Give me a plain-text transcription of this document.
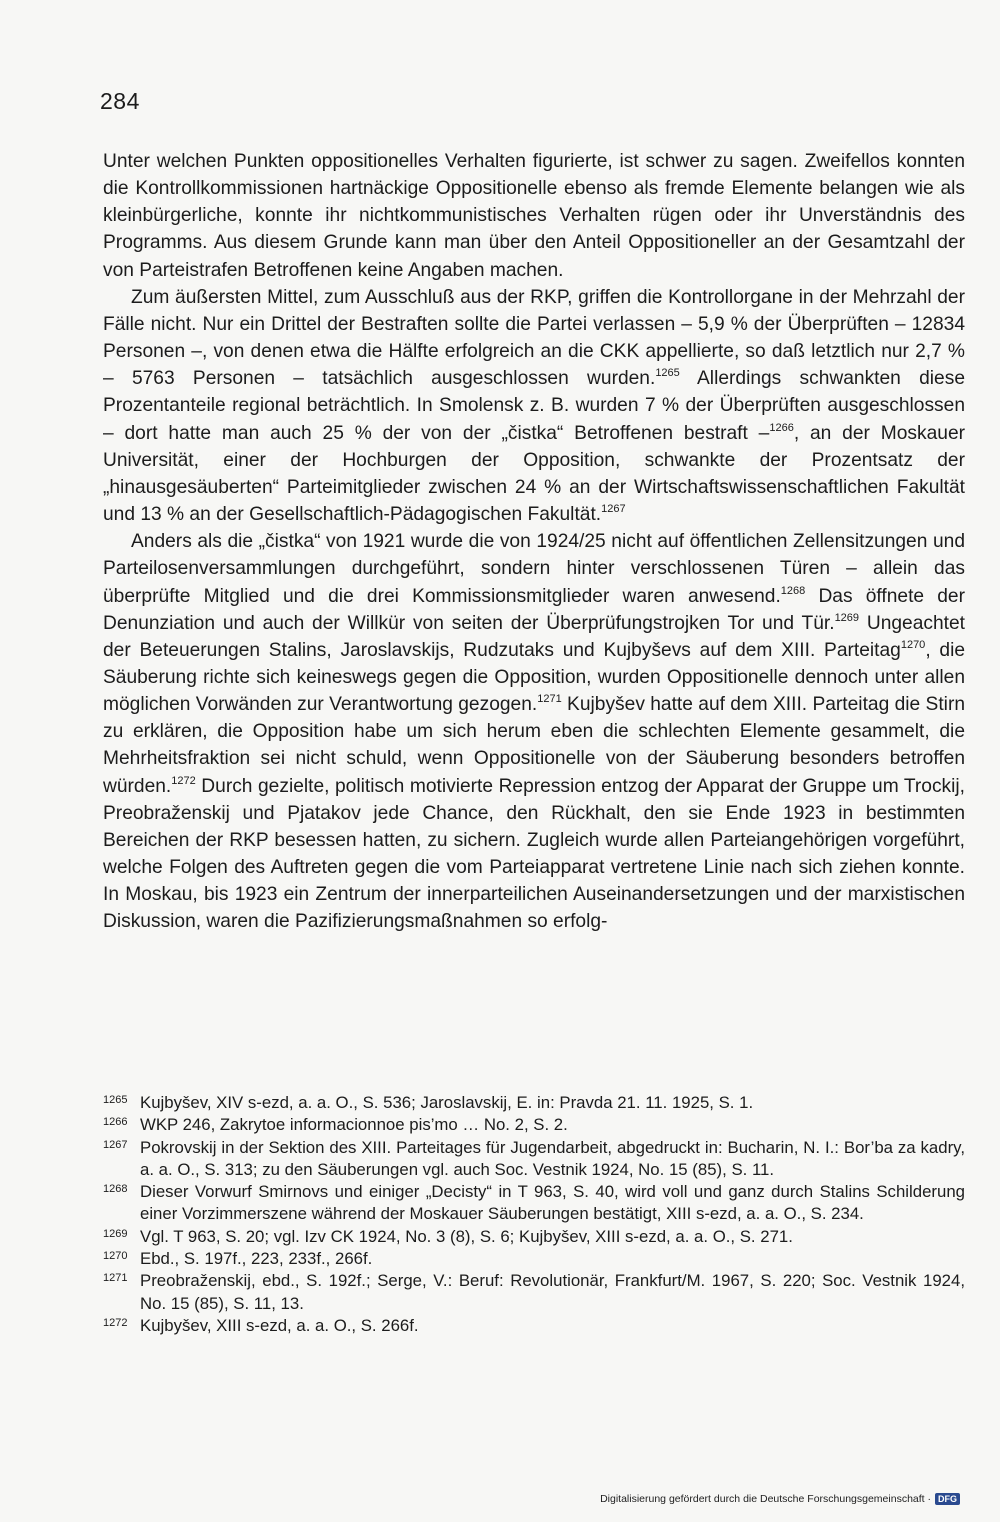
284

Unter welchen Punkten oppositionelles Verhalten figurierte, ist schwer zu sagen. Zweifellos konnten die Kontrollkommissionen hartnäckige Oppositionelle ebenso als fremde Elemente belangen wie als kleinbürgerliche, konnte ihr nichtkommunistisches Verhalten rügen oder ihr Unverständnis des Programms. Aus diesem Grunde kann man über den Anteil Oppositioneller an der Gesamtzahl der von Parteistrafen Betroffenen keine Angaben machen.

Zum äußersten Mittel, zum Ausschluß aus der RKP, griffen die Kontrollorgane in der Mehrzahl der Fälle nicht. Nur ein Drittel der Bestraften sollte die Partei verlassen – 5,9 % der Überprüften – 12834 Personen –, von denen etwa die Hälfte erfolgreich an die CKK appellierte, so daß letztlich nur 2,7 % – 5763 Personen – tatsächlich ausgeschlossen wurden.$^{1265}$ Allerdings schwankten diese Prozentanteile regional beträchtlich. In Smolensk z. B. wurden 7 % der Überprüften ausgeschlossen – dort hatte man auch 25 % der von der „čistka“ Betroffenen bestraft –$^{1266}$, an der Moskauer Universität, einer der Hochburgen der Opposition, schwankte der Prozentsatz der „hinausgesäuberten“ Parteimitglieder zwischen 24 % an der Wirtschaftswissenschaftlichen Fakultät und 13 % an der Gesellschaftlich-Pädagogischen Fakultät.$^{1267}$

Anders als die „čistka“ von 1921 wurde die von 1924/25 nicht auf öffentlichen Zellensitzungen und Parteilosenversammlungen durchgeführt, sondern hinter verschlossenen Türen – allein das überprüfte Mitglied und die drei Kommissionsmitglieder waren anwesend.$^{1268}$ Das öffnete der Denunziation und auch der Willkür von seiten der Überprüfungstrojken Tor und Tür.$^{1269}$ Ungeachtet der Beteuerungen Stalins, Jaroslavskijs, Rudzutaks und Kujbyševs auf dem XIII. Parteitag$^{1270}$, die Säuberung richte sich keineswegs gegen die Opposition, wurden Oppositionelle dennoch unter allen möglichen Vorwänden zur Verantwortung gezogen.$^{1271}$ Kujbyšev hatte auf dem XIII. Parteitag die Stirn zu erklären, die Opposition habe um sich herum eben die schlechten Elemente gesammelt, die Mehrheitsfraktion sei nicht schuld, wenn Oppositionelle von der Säuberung besonders betroffen würden.$^{1272}$ Durch gezielte, politisch motivierte Repression entzog der Apparat der Gruppe um Trockij, Preobraženskij und Pjatakov jede Chance, den Rückhalt, den sie Ende 1923 in bestimmten Bereichen der RKP besessen hatten, zu sichern. Zugleich wurde allen Parteiangehörigen vorgeführt, welche Folgen des Auftreten gegen die vom Parteiapparat vertretene Linie nach sich ziehen konnte. In Moskau, bis 1923 ein Zentrum der innerparteilichen Auseinandersetzungen und der marxistischen Diskussion, waren die Pazifizierungsmaßnahmen so erfolg-

1265 Kujbyšev, XIV s-ezd, a. a. O., S. 536; Jaroslavskij, E. in: Pravda 21. 11. 1925, S. 1.
1266 WKP 246, Zakrytoe informacionnoe pis’mo … No. 2, S. 2.
1267 Pokrovskij in der Sektion des XIII. Parteitages für Jugendarbeit, abgedruckt in: Bucharin, N. I.: Bor’ba za kadry, a. a. O., S. 313; zu den Säuberungen vgl. auch Soc. Vestnik 1924, No. 15 (85), S. 11.
1268 Dieser Vorwurf Smirnovs und einiger „Decisty“ in T 963, S. 40, wird voll und ganz durch Stalins Schilderung einer Vorzimmerszene während der Moskauer Säuberungen bestätigt, XIII s-ezd, a. a. O., S. 234.
1269 Vgl. T 963, S. 20; vgl. Izv CK 1924, No. 3 (8), S. 6; Kujbyšev, XIII s-ezd, a. a. O., S. 271.
1270 Ebd., S. 197f., 223, 233f., 266f.
1271 Preobraženskij, ebd., S. 192f.; Serge, V.: Beruf: Revolutionär, Frankfurt/M. 1967, S. 220; Soc. Vestnik 1924, No. 15 (85), S. 11, 13.
1272 Kujbyšev, XIII s-ezd, a. a. O., S. 266f.
Digitalisierung gefördert durch die Deutsche Forschungsgemeinschaft · DFG
